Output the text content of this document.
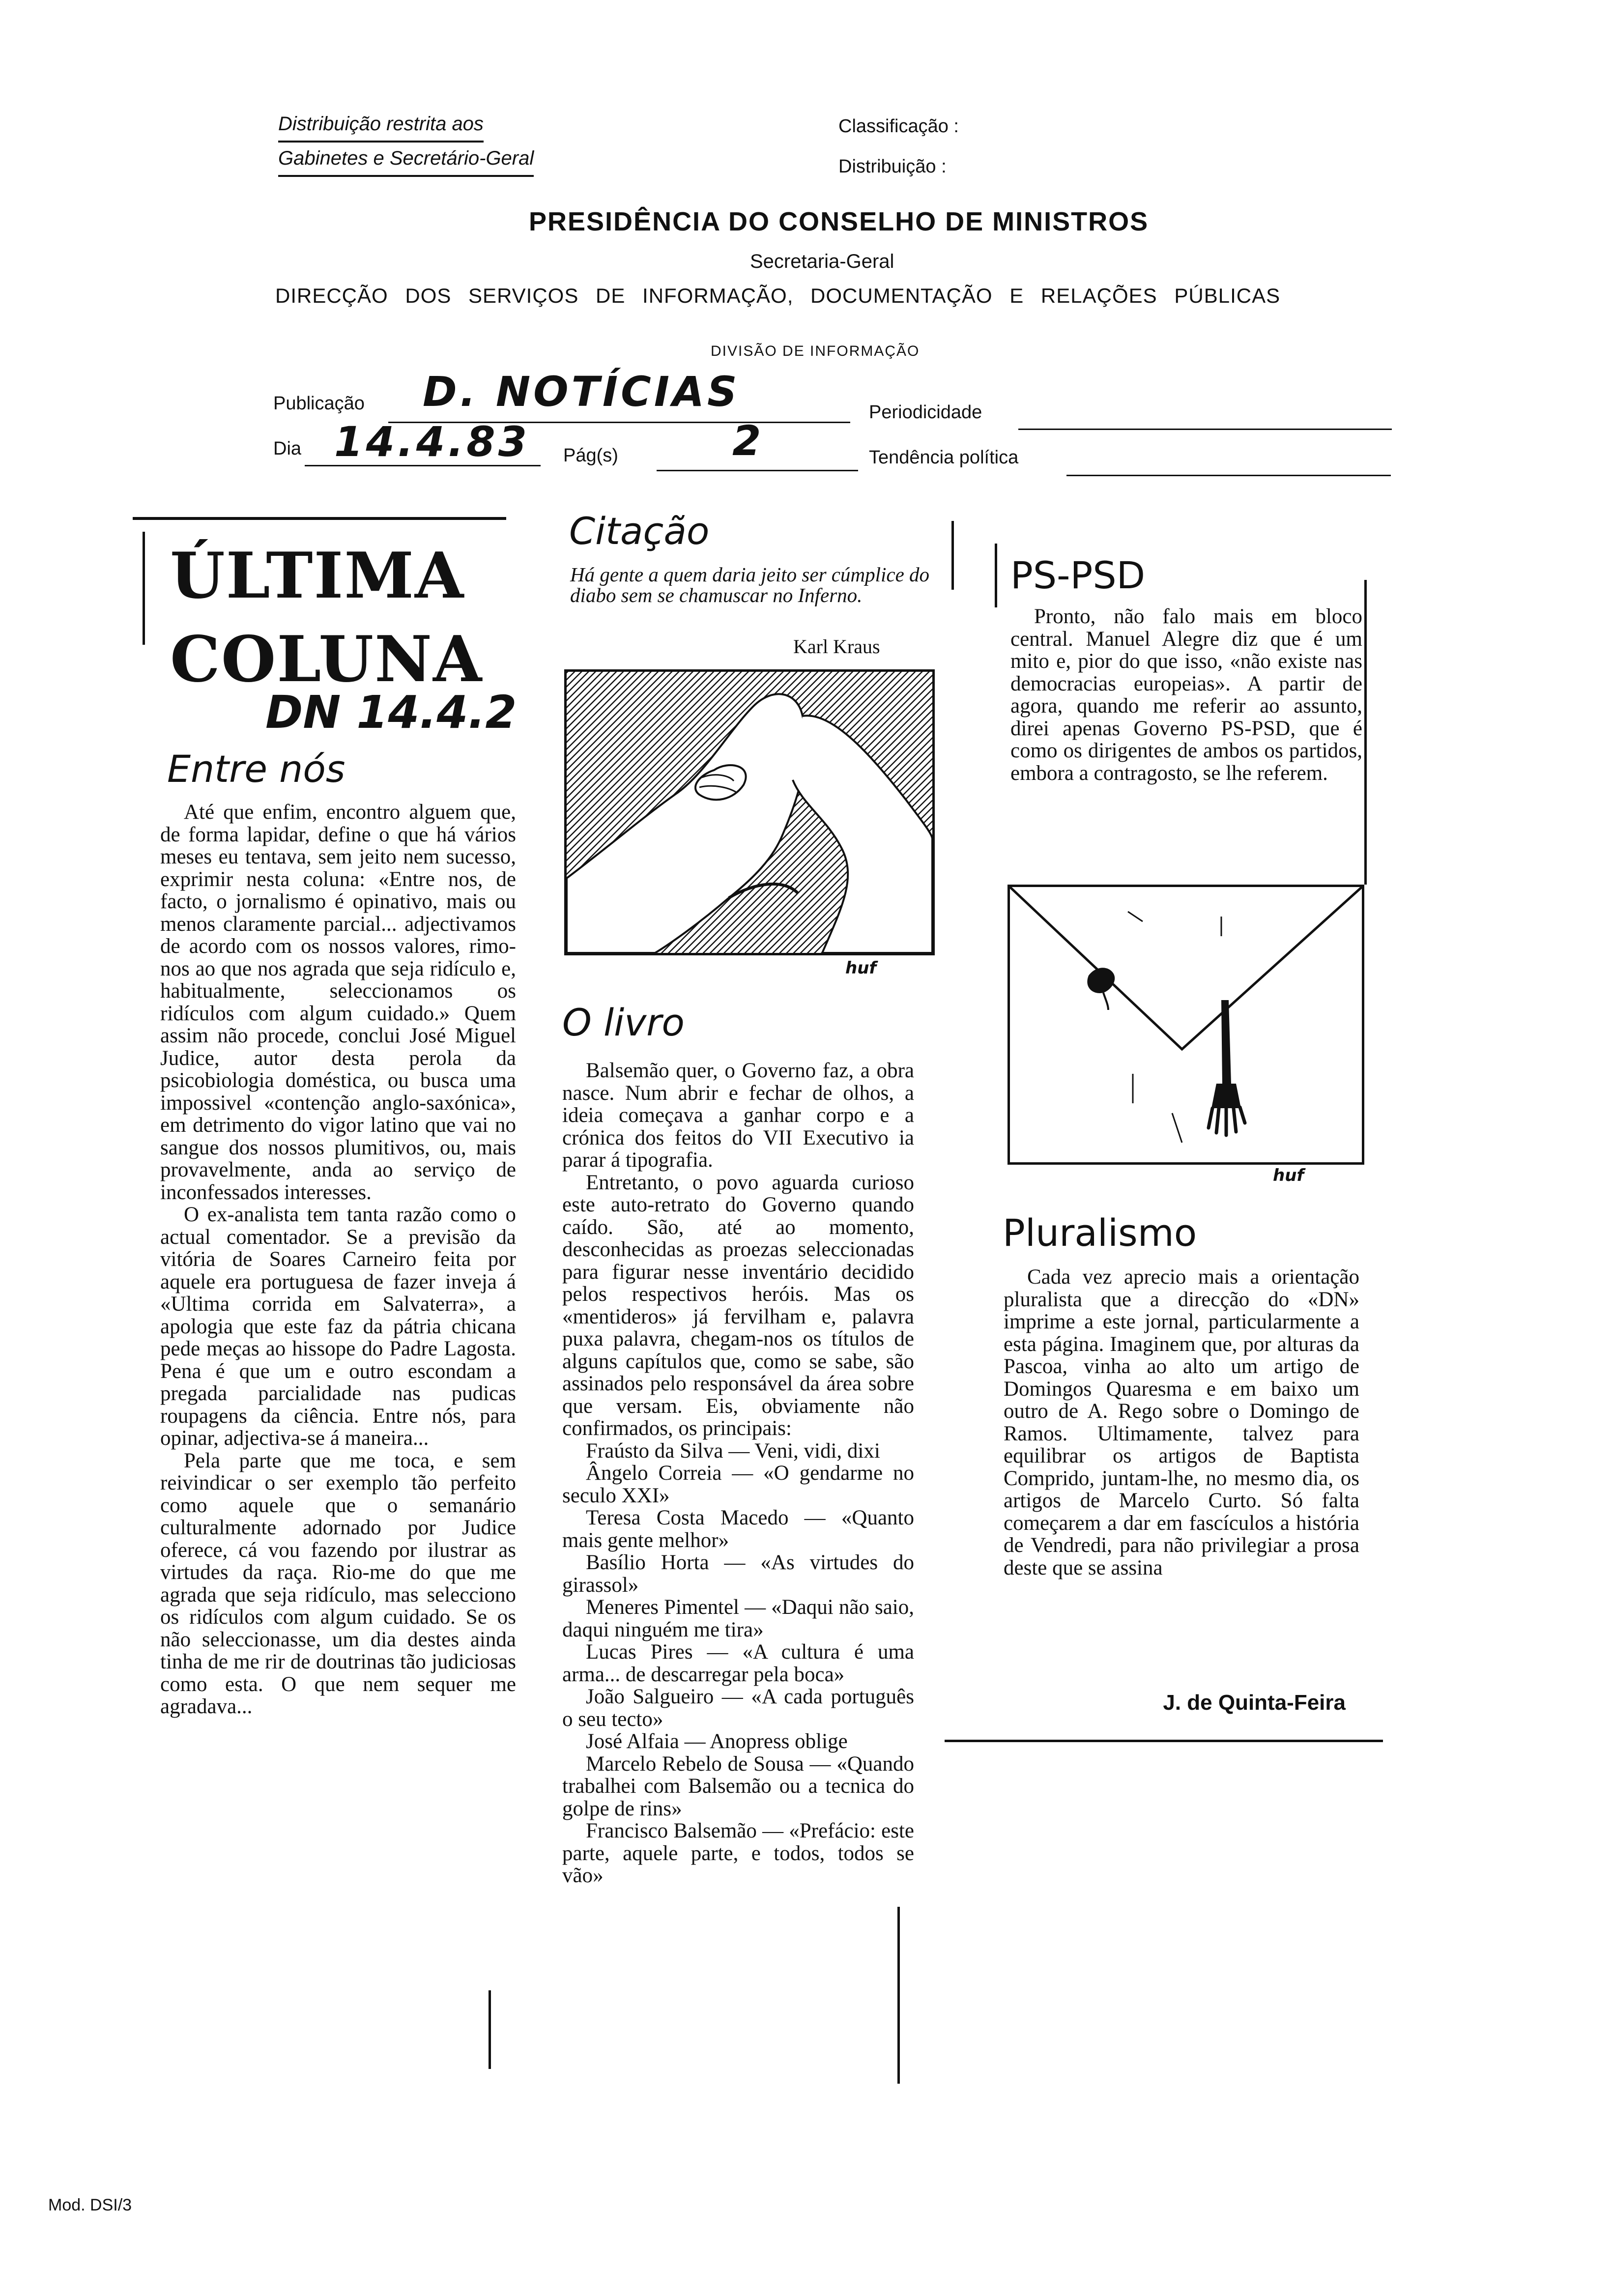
Distribuição restrita aos
Gabinetes e Secretário-Geral
Classificação :
Distribuição :
PRESIDÊNCIA DO CONSELHO DE MINISTROS
Secretaria-Geral
DIRECÇÃO DOS SERVIÇOS DE INFORMAÇÃO, DOCUMENTAÇÃO E RELAÇÕES PÚBLICAS
DIVISÃO DE INFORMAÇÃO
Publicação D. NOTÍCIAS	Periodicidade
Dia 14.4.83 Pág(s)	2	Tendência política
ÚLTIMA
COLUNA
DN 14.4.2
Entre nós

Até que enfim, encontro alguem que, de forma lapidar, define o que há vários meses eu tentava, sem jeito nem sucesso, exprimir nesta coluna: «Entre nos, de facto, o jornalismo é opinativo, mais ou menos claramente parcial... adjectivamos de acordo com os nossos valores, rimo-nos ao que nos agrada que seja ridículo e, habitualmente, seleccionamos os ridículos com algum cuidado.» Quem assim não procede, conclui José Miguel Judice, autor desta perola da psicobiologia doméstica, ou busca uma impossivel «contenção anglo-saxónica», em detrimento do vigor latino que vai no sangue dos nossos plumitivos, ou, mais provavelmente, anda ao serviço de inconfessados interesses.

O ex-analista tem tanta razão como o actual comentador. Se a previsão da vitória de Soares Carneiro feita por aquele era portuguesa de fazer inveja á «Ultima corrida em Salvaterra», a apologia que este faz da pátria chicana pede meças ao hissope do Padre Lagosta. Pena é que um e outro escondam a pregada parcialidade nas pudicas roupagens da ciência. Entre nós, para opinar, adjectiva-se á maneira...

Pela parte que me toca, e sem reivindicar o ser exemplo tão perfeito como aquele que o semanário culturalmente adornado por Judice oferece, cá vou fazendo por ilustrar as virtudes da raça. Rio-me do que me agrada que seja ridículo, mas selecciono os ridículos com algum cuidado. Se os não seleccionasse, um dia destes ainda tinha de me rir de doutrinas tão judiciosas como esta. O que nem sequer me agradava...

Citação
Há gente a quem daria jeito ser cúmplice do diabo sem se chamuscar no Inferno.
Karl Kraus
huf
O livro

Balsemão quer, o Governo faz, a obra nasce. Num abrir e fechar de olhos, a ideia começava a ganhar corpo e a crónica dos feitos do VII Executivo ia parar á tipografia.

Entretanto, o povo aguarda curioso este auto-retrato do Governo quando caído. São, até ao momento, desconhecidas as proezas seleccionadas para figurar nesse inventário decidido pelos respectivos heróis. Mas os «mentideros» já fervilham e, palavra puxa palavra, chegam-nos os títulos de alguns capítulos que, como se sabe, são assinados pelo responsável da área sobre que versam. Eis, obviamente não confirmados, os principais:

Fraústo da Silva — Veni, vidi, dixi

Ângelo Correia — «O gendarme no seculo XXI»

Teresa Costa Macedo — «Quanto mais gente melhor»

Basílio Horta — «As virtudes do girassol»

Meneres Pimentel — «Daqui não saio, daqui ninguém me tira»

Lucas Pires — «A cultura é uma arma... de descarregar pela boca»

João Salgueiro — «A cada português o seu tecto»

José Alfaia — Anopress oblige

Marcelo Rebelo de Sousa — «Quando trabalhei com Balsemão ou a tecnica do golpe de rins»

Francisco Balsemão — «Prefácio: este parte, aquele parte, e todos, todos se vão»

PS-PSD

Pronto, não falo mais em bloco central. Manuel Alegre diz que é um mito e, pior do que isso, «não existe nas democracias europeias». A partir de agora, quando me referir ao assunto, direi apenas Governo PS-PSD, que é como os dirigentes de ambos os partidos, embora a contragosto, se lhe referem.

huf
Pluralismo

Cada vez aprecio mais a orientação pluralista que a direcção do «DN» imprime a este jornal, particularmente a esta página. Imaginem que, por alturas da Pascoa, vinha ao alto um artigo de Domingos Quaresma e em baixo um outro de A. Rego sobre o Domingo de Ramos. Ultimamente, talvez para equilibrar os artigos de Baptista Comprido, juntam-lhe, no mesmo dia, os artigos de Marcelo Curto. Só falta começarem a dar em fascículos a história de Vendredi, para não privilegiar a prosa deste que se assina

J. de Quinta-Feira
Mod. DSI/3
